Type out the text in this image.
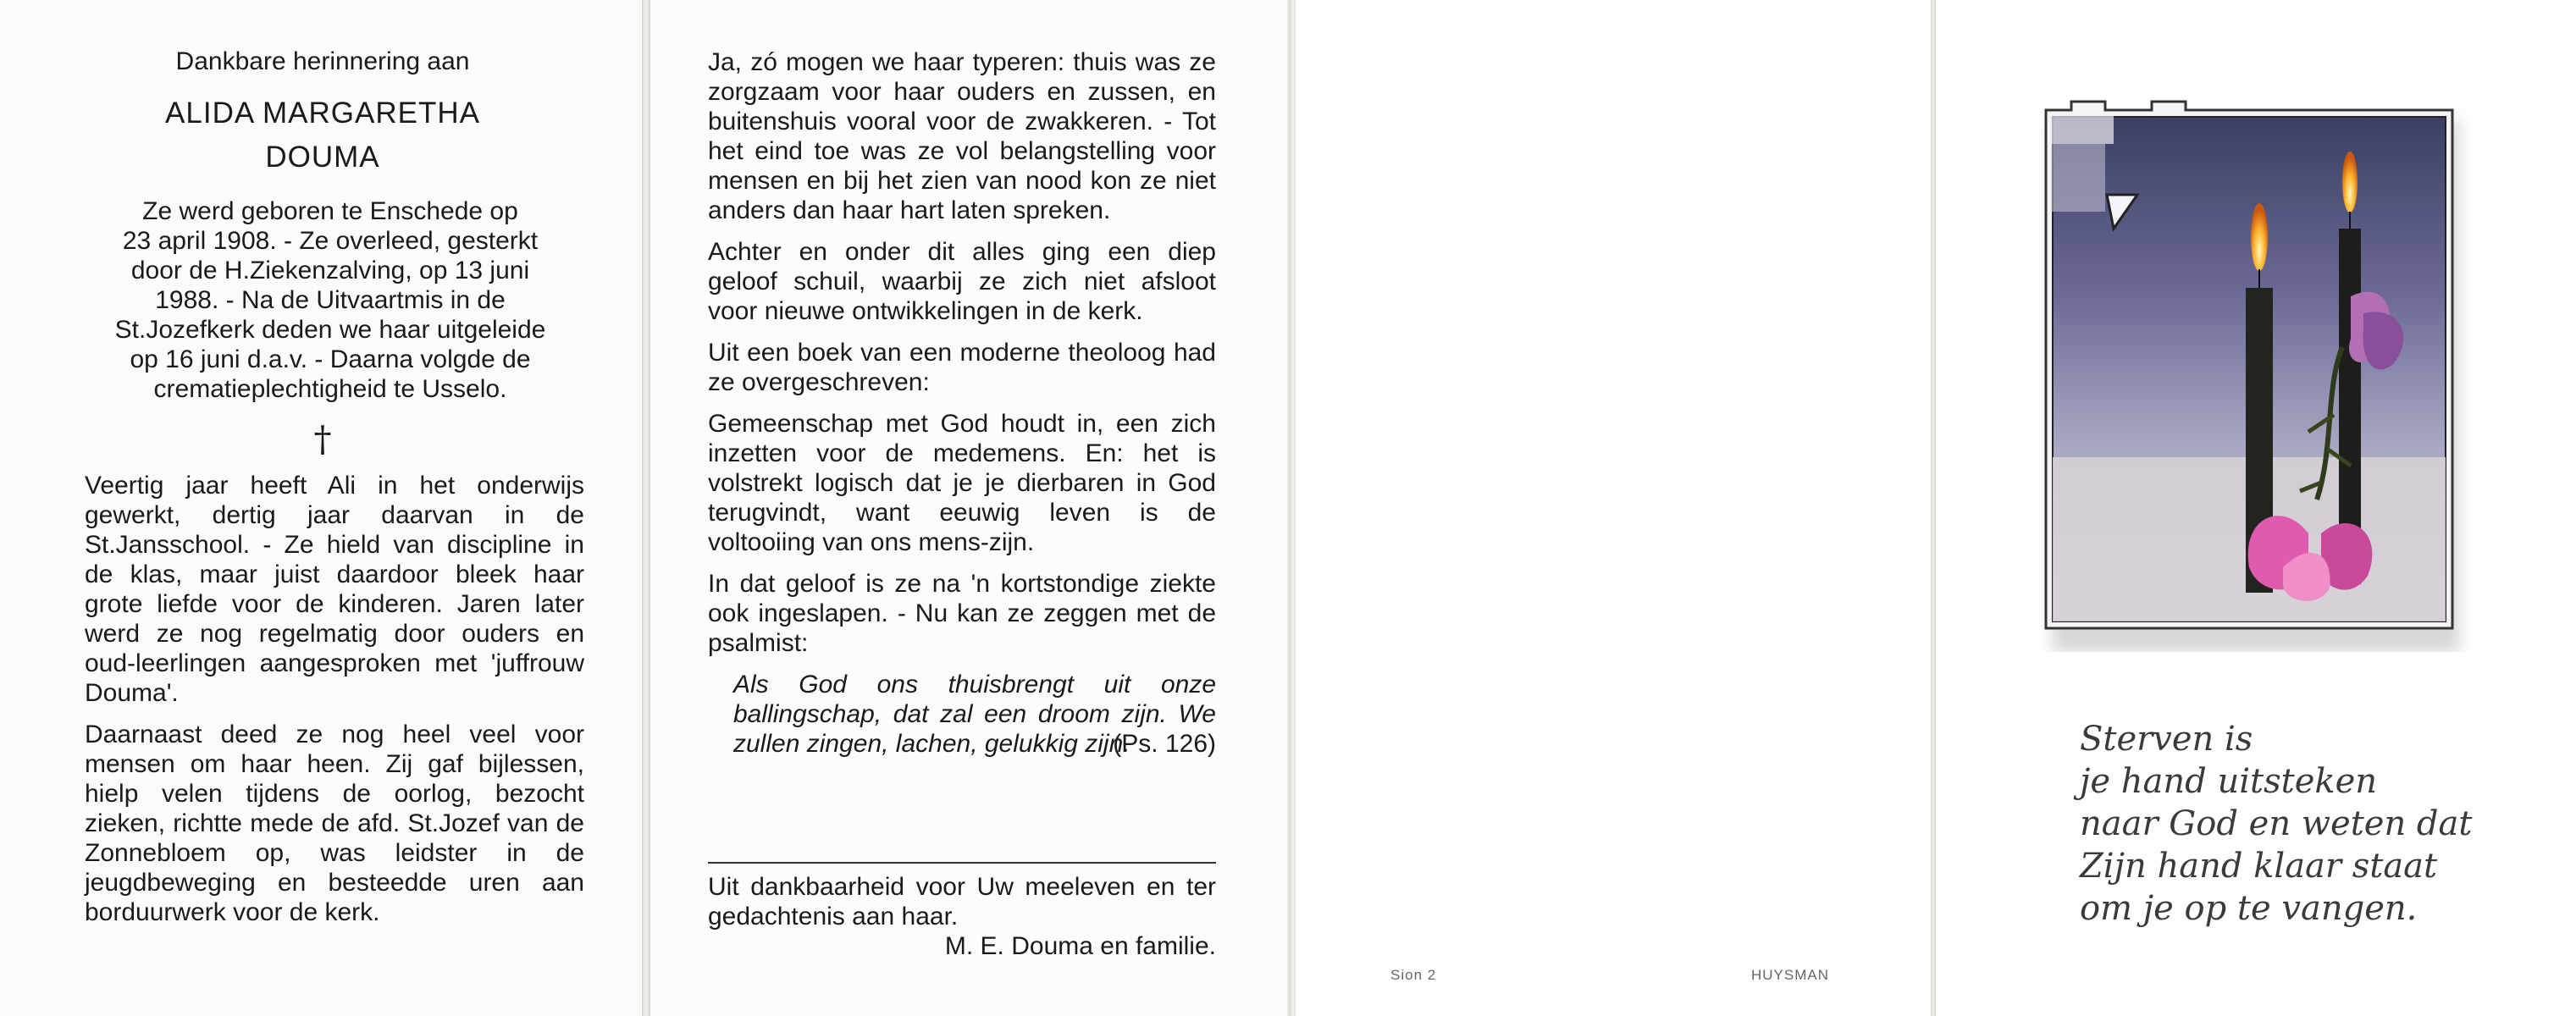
Dankbare herinnering aan
ALIDA MARGARETHA
DOUMA
Ze werd geboren te Enschede op
23 april 1908. - Ze overleed, gesterkt
door de H.Ziekenzalving, op 13 juni
1988. - Na de Uitvaartmis in de
St.Jozefkerk deden we haar uitgeleide
op 16 juni d.a.v. - Daarna volgde de
crematieplechtigheid te Usselo.
†

Veertig jaar heeft Ali in het onderwijs gewerkt, dertig jaar daarvan in de St.Jansschool. - Ze hield van discipline in de klas, maar juist daardoor bleek haar grote liefde voor de kinderen. Jaren later werd ze nog regelmatig door ouders en oud-leerlingen aangesproken met 'juffrouw Douma'.

Daarnaast deed ze nog heel veel voor mensen om haar heen. Zij gaf bijlessen, hielp velen tijdens de oorlog, bezocht zieken, richtte mede de afd. St.Jozef van de Zonnebloem op, was leidster in de jeugdbeweging en besteedde uren aan borduurwerk voor de kerk.

Ja, zó mogen we haar typeren: thuis was ze zorgzaam voor haar ouders en zussen, en buitenshuis vooral voor de zwakkeren. - Tot het eind toe was ze vol belangstelling voor mensen en bij het zien van nood kon ze niet anders dan haar hart laten spreken.

Achter en onder dit alles ging een diep geloof schuil, waarbij ze zich niet afsloot voor nieuwe ontwikkelingen in de kerk.

Uit een boek van een moderne theoloog had ze overgeschreven:

Gemeenschap met God houdt in, een zich inzetten voor de medemens. En: het is volstrekt logisch dat je je dierbaren in God terugvindt, want eeuwig leven is de voltooiing van ons mens-zijn.

In dat geloof is ze na 'n kortstondige ziekte ook ingeslapen. - Nu kan ze zeggen met de psalmist:

Als God ons thuisbrengt uit onze ballingschap, dat zal een droom zijn. We zullen zingen, lachen, gelukkig zijn.

(Ps. 126)

Uit dankbaarheid voor Uw meeleven en ter gedachtenis aan haar.

M. E. Douma en familie.
Sion 2	HUYSMAN
Sterven is
je hand uitsteken
naar God en weten dat
Zijn hand klaar staat
om je op te vangen.
